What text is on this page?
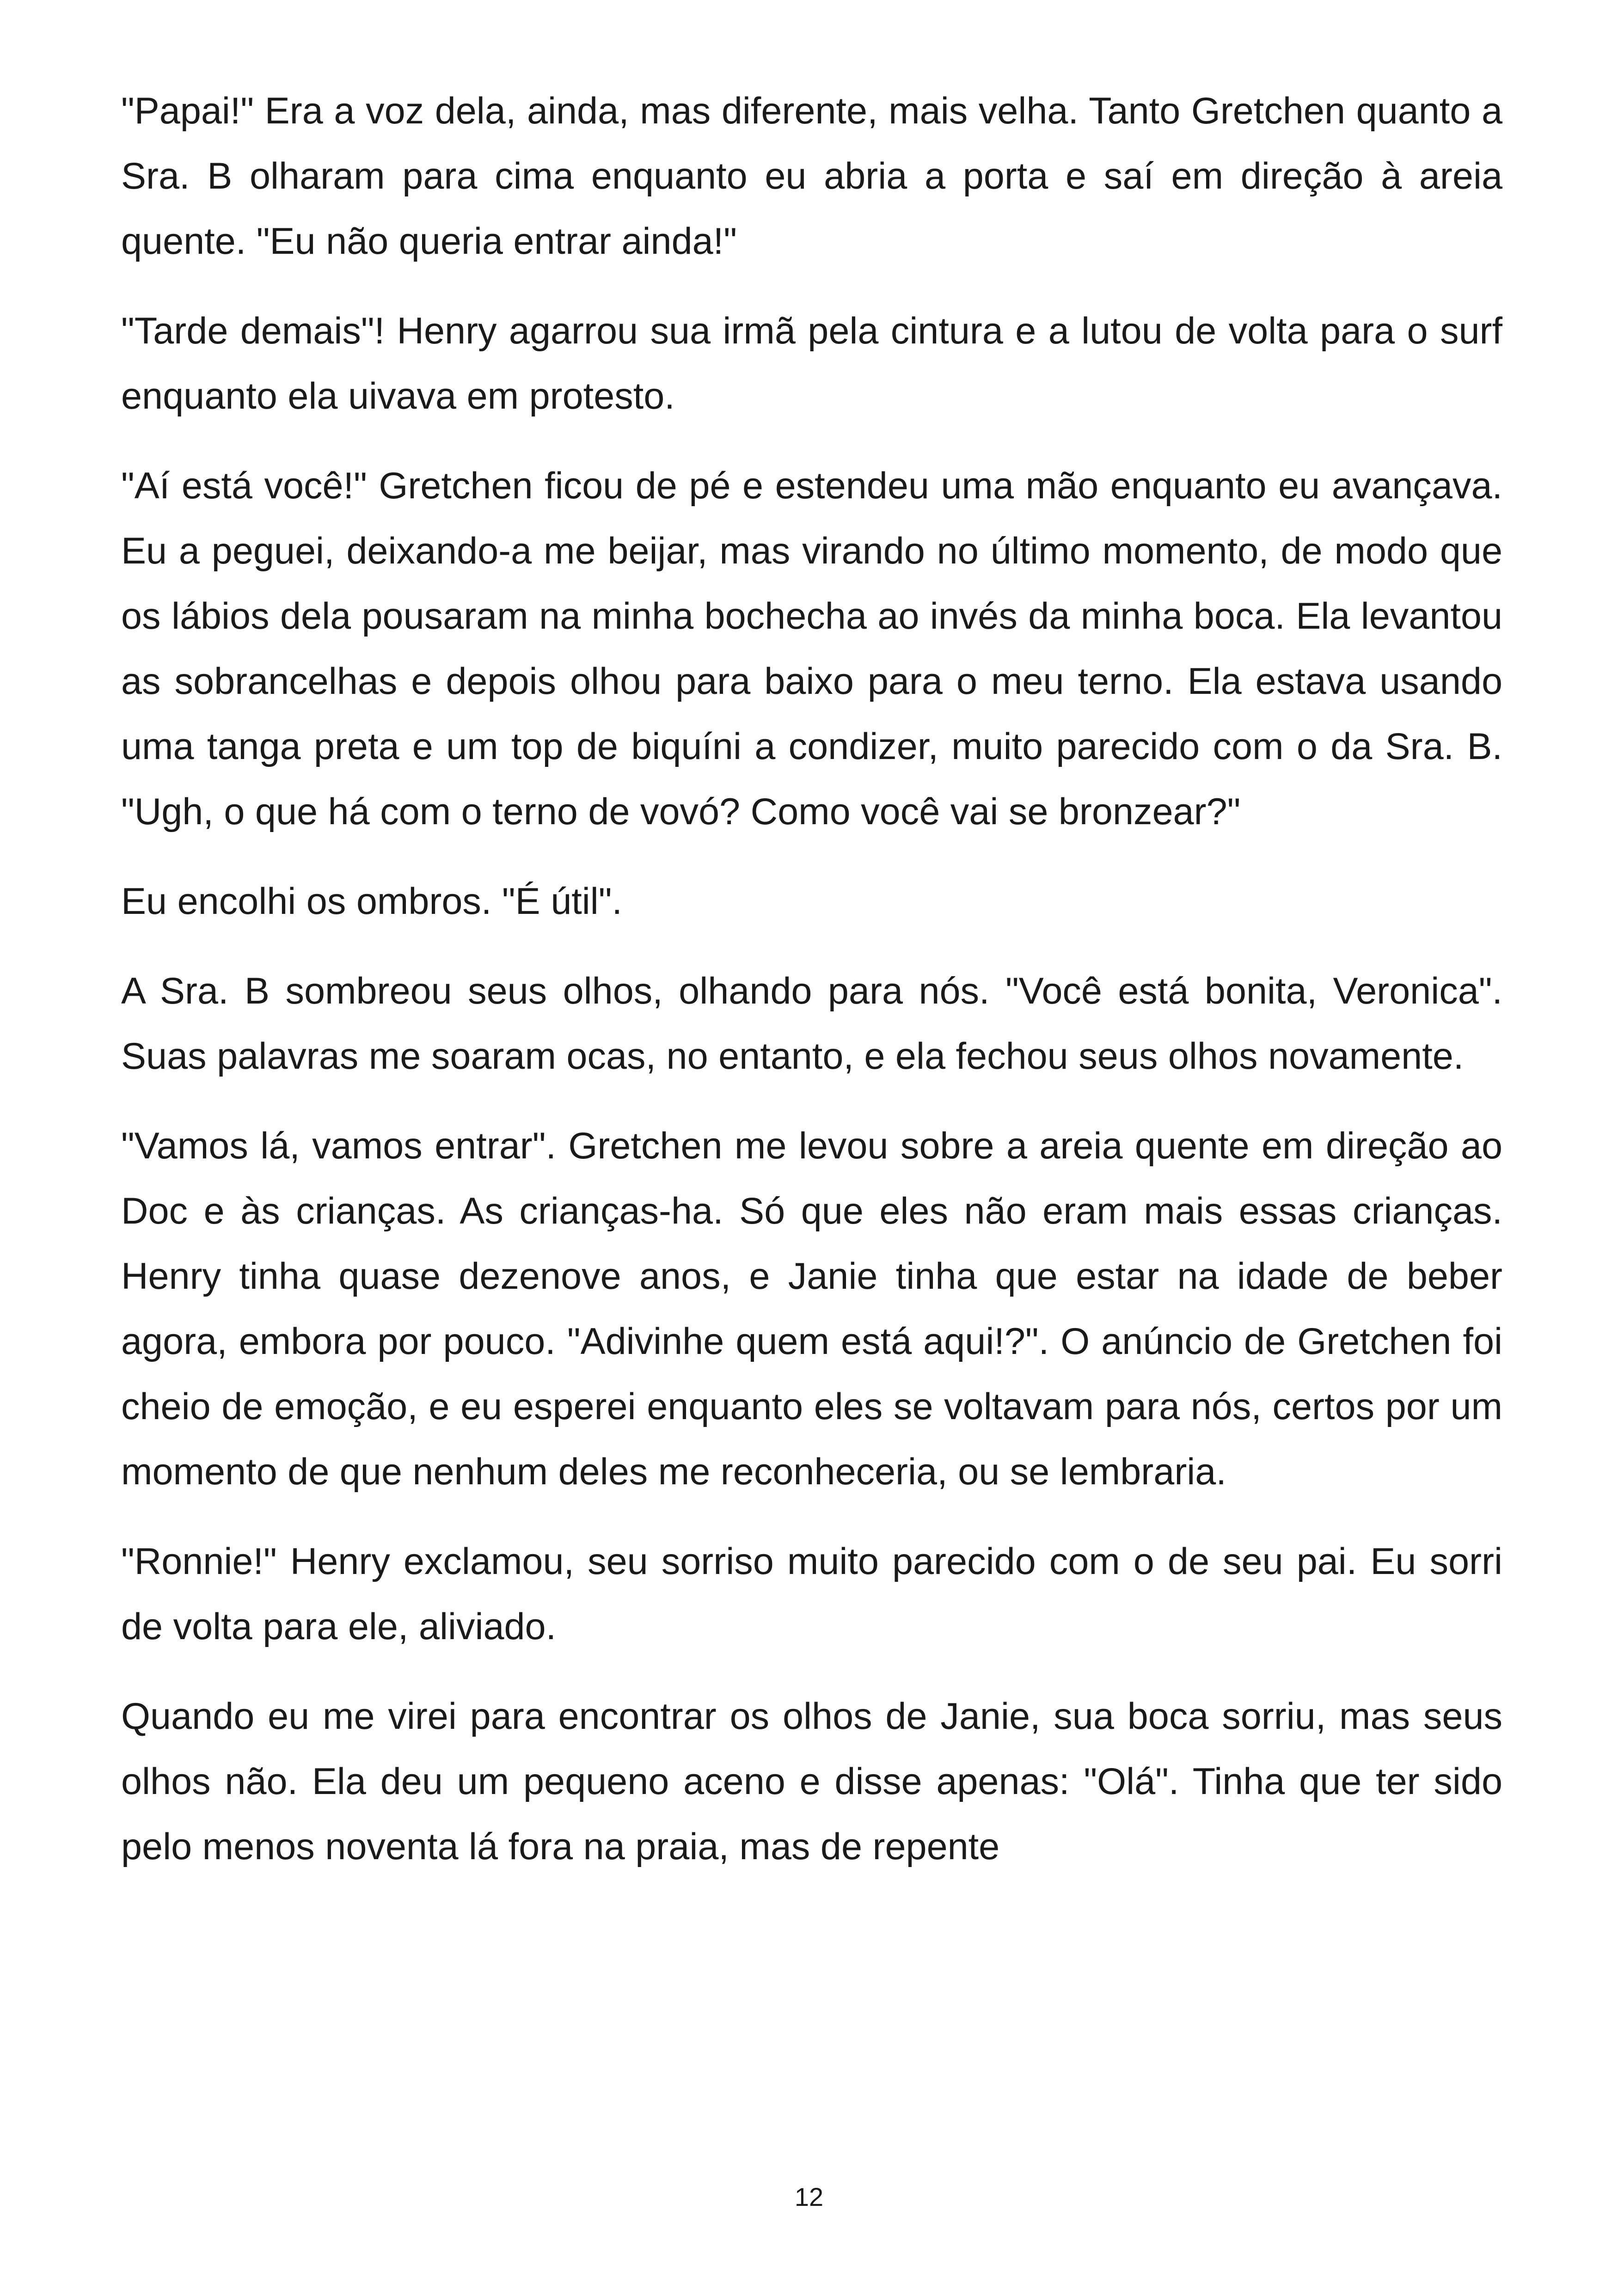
"Papai!" Era a voz dela, ainda, mas diferente, mais velha. Tanto Gretchen quanto a Sra. B olharam para cima enquanto eu abria a porta e saí em direção à areia quente. "Eu não queria entrar ainda!"

"Tarde demais"! Henry agarrou sua irmã pela cintura e a lutou de volta para o surf enquanto ela uivava em protesto.

"Aí está você!" Gretchen ficou de pé e estendeu uma mão enquanto eu avançava. Eu a peguei, deixando-a me beijar, mas virando no último momento, de modo que os lábios dela pousaram na minha bochecha ao invés da minha boca. Ela levantou as sobrancelhas e depois olhou para baixo para o meu terno. Ela estava usando uma tanga preta e um top de biquíni a condizer, muito parecido com o da Sra. B. "Ugh, o que há com o terno de vovó? Como você vai se bronzear?"

Eu encolhi os ombros. "É útil".

A Sra. B sombreou seus olhos, olhando para nós. "Você está bonita, Veronica". Suas palavras me soaram ocas, no entanto, e ela fechou seus olhos novamente.

"Vamos lá, vamos entrar". Gretchen me levou sobre a areia quente em direção ao Doc e às crianças. As crianças-ha. Só que eles não eram mais essas crianças. Henry tinha quase dezenove anos, e Janie tinha que estar na idade de beber agora, embora por pouco. "Adivinhe quem está aqui!?". O anúncio de Gretchen foi cheio de emoção, e eu esperei enquanto eles se voltavam para nós, certos por um momento de que nenhum deles me reconheceria, ou se lembraria.

"Ronnie!" Henry exclamou, seu sorriso muito parecido com o de seu pai. Eu sorri de volta para ele, aliviado.

Quando eu me virei para encontrar os olhos de Janie, sua boca sorriu, mas seus olhos não. Ela deu um pequeno aceno e disse apenas: "Olá". Tinha que ter sido pelo menos noventa lá fora na praia, mas de repente

12
